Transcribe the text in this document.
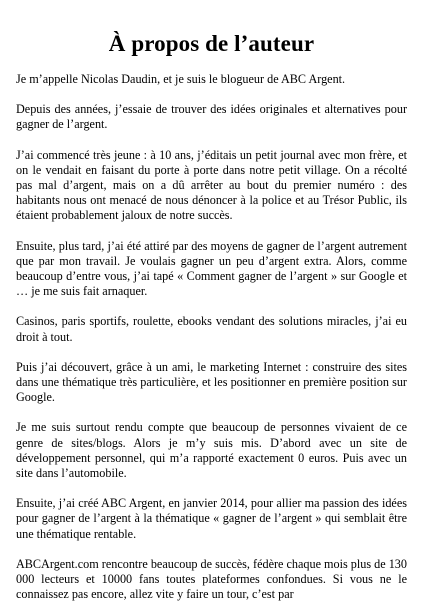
À propos de l’auteur

Je m’appelle Nicolas Daudin, et je suis le blogueur de ABC Argent.

Depuis des années, j’essaie de trouver des idées originales et alternatives pour gagner de l’argent.

J’ai commencé très jeune : à 10 ans, j’éditais un petit journal avec mon frère, et on le vendait en faisant du porte à porte dans notre petit village. On a récolté pas mal d’argent, mais on a dû arrêter au bout du premier numéro : des habitants nous ont menacé de nous dénoncer à la police et au Trésor Public, ils étaient probablement jaloux de notre succès.

Ensuite, plus tard, j’ai été attiré par des moyens de gagner de l’argent autrement que par mon travail. Je voulais gagner un peu d’argent extra. Alors, comme beaucoup d’entre vous, j’ai tapé « Comment gagner de l’argent » sur Google et … je me suis fait arnaquer.

Casinos, paris sportifs, roulette, ebooks vendant des solutions miracles, j’ai eu droit à tout.

Puis j’ai découvert, grâce à un ami, le marketing Internet : construire des sites dans une thématique très particulière, et les positionner en première position sur Google.

Je me suis surtout rendu compte que beaucoup de personnes vivaient de ce genre de sites/blogs. Alors je m’y suis mis. D’abord avec un site de développement personnel, qui m’a rapporté exactement 0 euros. Puis avec un site dans l’automobile.

Ensuite, j’ai créé ABC Argent, en janvier 2014, pour allier ma passion des idées pour gagner de l’argent à la thématique « gagner de l’argent » qui semblait être une thématique rentable.

ABCArgent.com rencontre beaucoup de succès, fédère chaque mois plus de 130 000 lecteurs et 10000 fans toutes plateformes confondues. Si vous ne le connaissez pas encore, allez vite y faire un tour, c’est par
